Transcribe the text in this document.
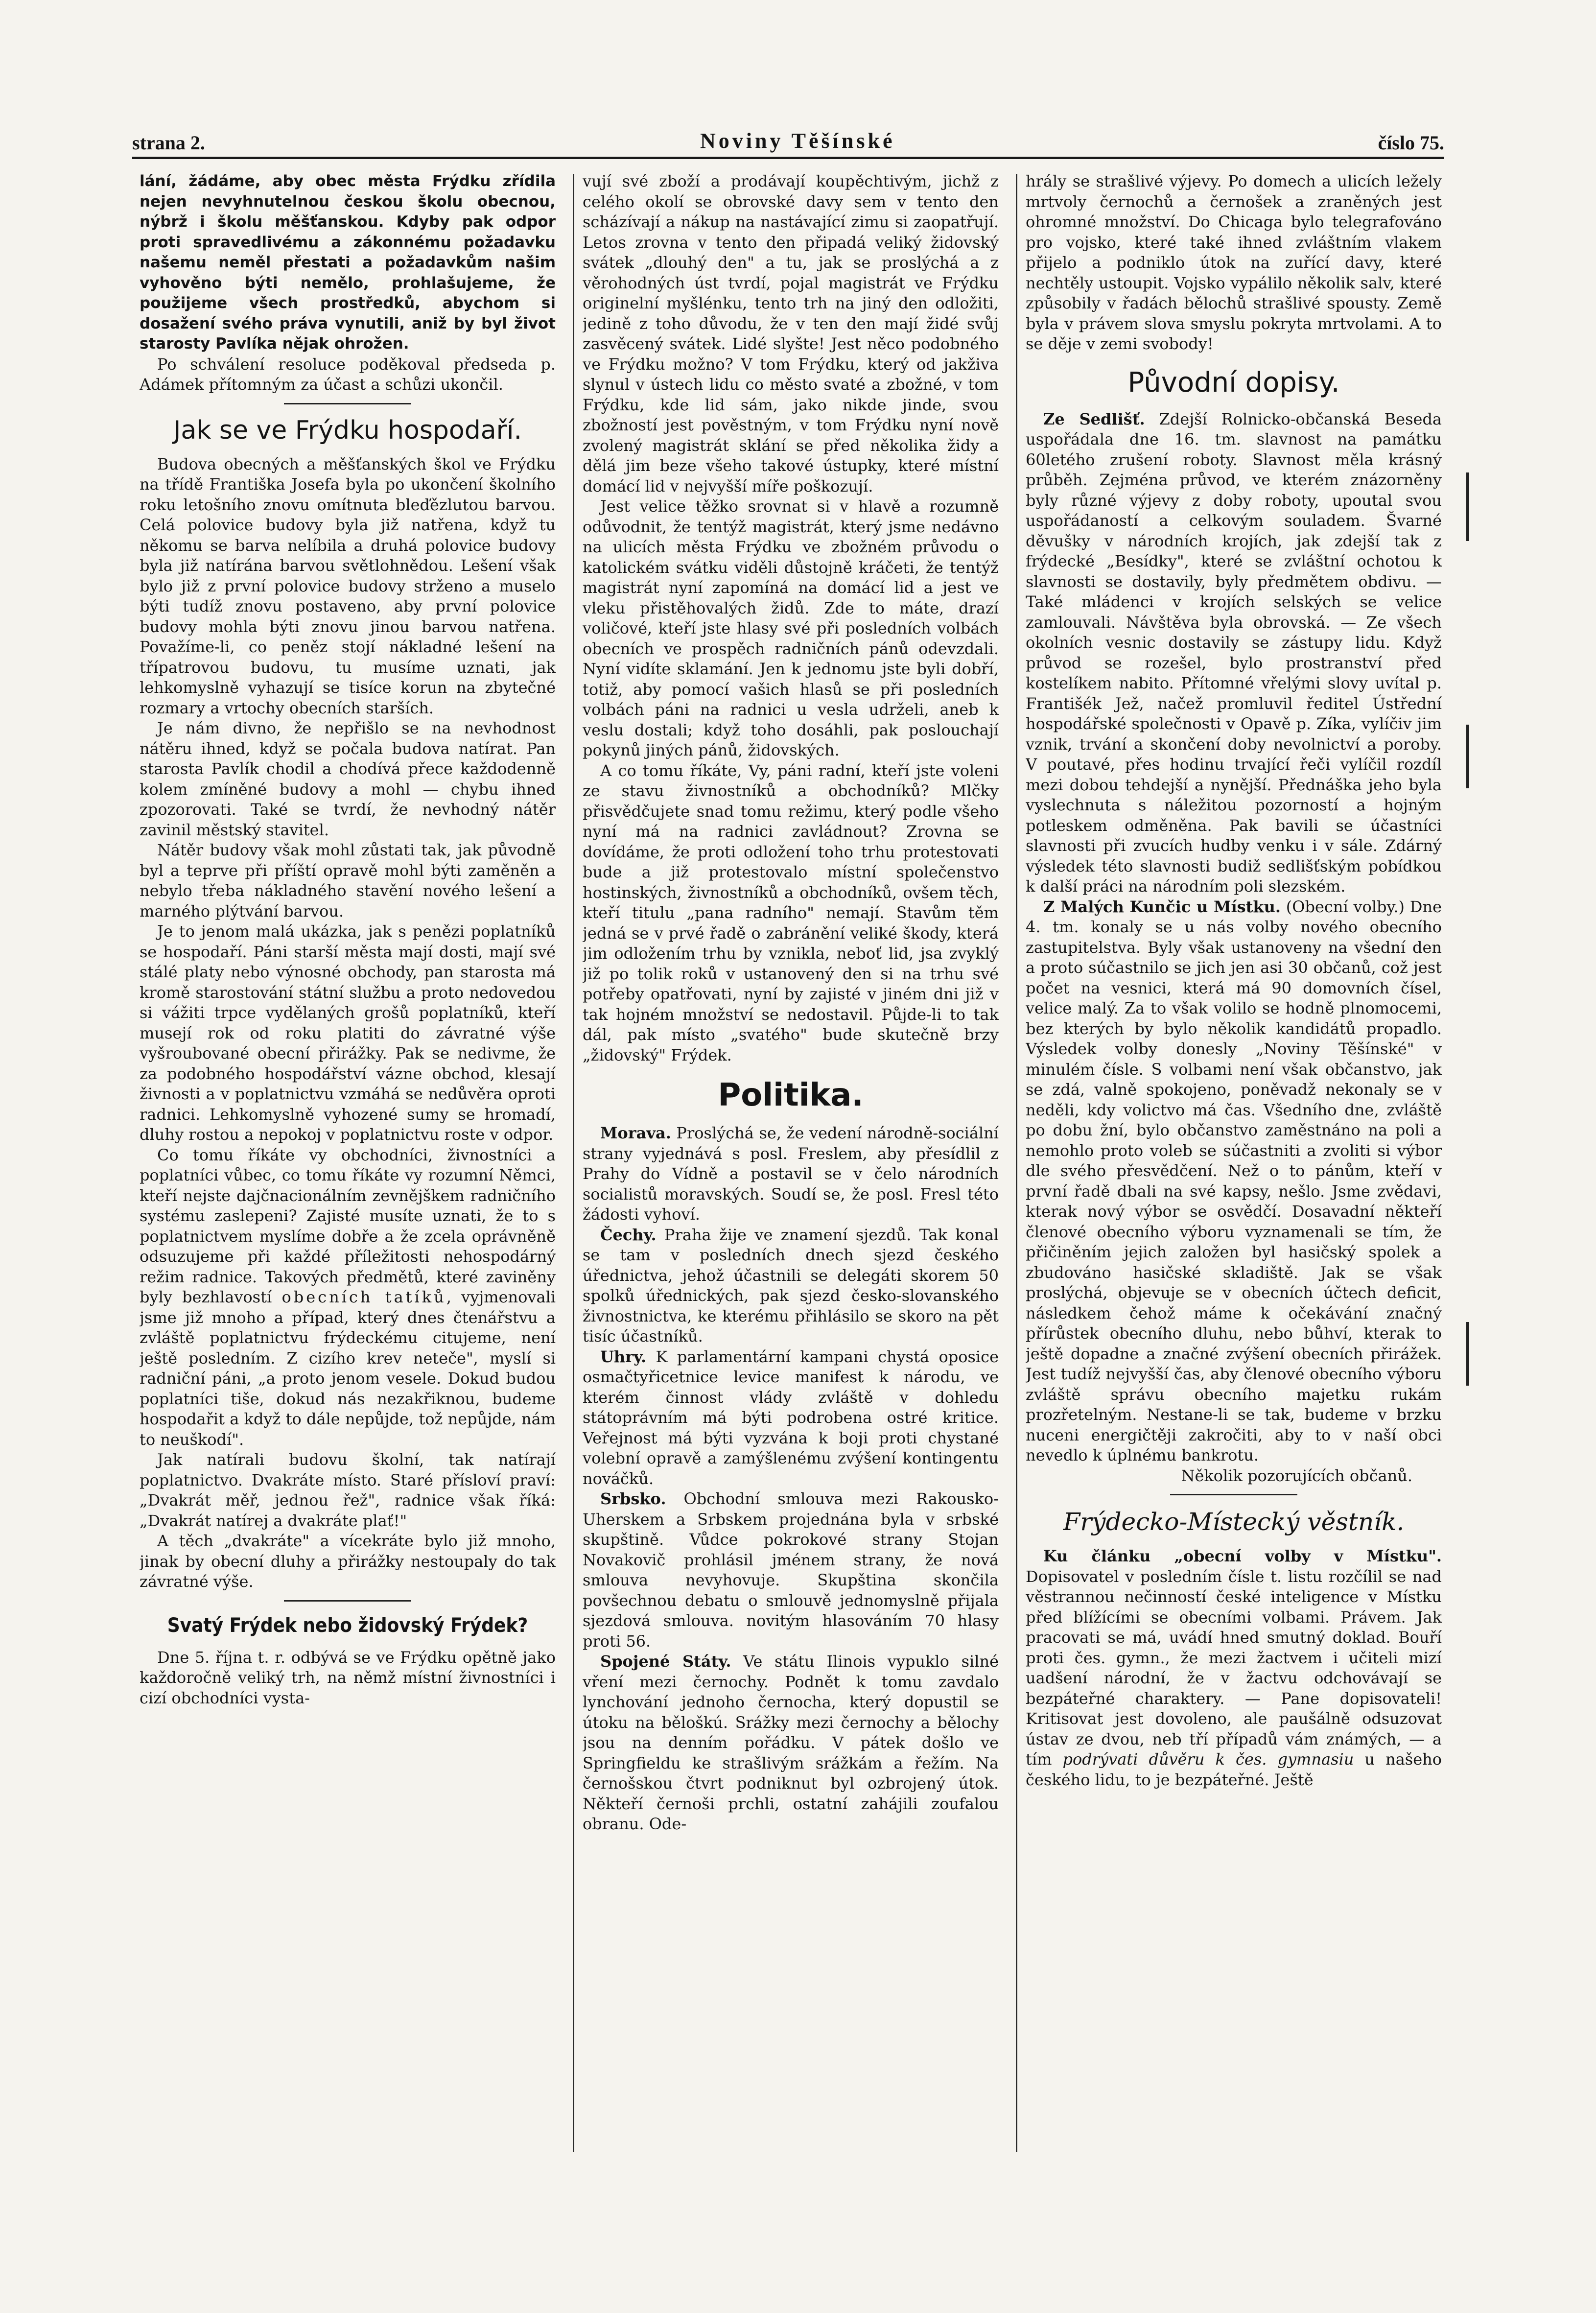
strana 2.	Noviny Těšínské	číslo 75.

lání, žádáme, aby obec města Frýdku zřídila nejen nevyhnutelnou českou školu obecnou, nýbrž i školu měšťanskou. Kdyby pak odpor proti spravedlivému a zákonnému požadavku našemu neměl přestati a požadavkům našim vyhověno býti nemělo, prohlašujeme, že použijeme všech prostředků, abychom si dosažení svého práva vynutili, aniž by byl život starosty Pavlíka nějak ohrožen.

Po schválení resoluce poděkoval předseda p. Adámek přítomným za účast a schůzi ukončil.

Jak se ve Frýdku hospodaří.

Budova obecných a měšťanských škol ve Frýdku na třídě Františka Josefa byla po ukončení školního roku letošního znovu omítnuta bleďězlutou barvou. Celá polovice budovy byla již natřena, když tu někomu se barva nelíbila a druhá polovice budovy byla již natírána barvou světlohnědou. Lešení však bylo již z první polovice budovy strženo a muselo býti tudíž znovu postaveno, aby první polovice budovy mohla býti znovu jinou barvou natřena. Považíme-li, co peněz stojí nákladné lešení na třípatrovou budovu, tu musíme uznati, jak lehkomyslně vyhazují se tisíce korun na zbytečné rozmary a vrtochy obecních starších.

Je nám divno, že nepřišlo se na nevhodnost nátěru ihned, když se počala budova natírat. Pan starosta Pavlík chodil a chodívá přece každodenně kolem zmíněné budovy a mohl — chybu ihned zpozorovati. Také se tvrdí, že nevhodný nátěr zavinil městský stavitel.

Nátěr budovy však mohl zůstati tak, jak původně byl a teprve při příští opravě mohl býti zaměněn a nebylo třeba nákladného stavění nového lešení a marného plýtvání barvou.

Je to jenom malá ukázka, jak s penězi poplatníků se hospodaří. Páni starší města mají dosti, mají své stálé platy nebo výnosné obchody, pan starosta má kromě starostování státní službu a proto nedovedou si vážiti trpce vydělaných grošů poplatníků, kteří musejí rok od roku platiti do závratné výše vyšroubované obecní přirážky. Pak se nedivme, že za podobného hospodářství vázne obchod, klesají živnosti a v poplatnictvu vzmáhá se nedůvěra oproti radnici. Lehkomyslně vyhozené sumy se hromadí, dluhy rostou a nepokoj v poplatnictvu roste v odpor.

Co tomu říkáte vy obchodníci, živnostníci a poplatníci vůbec, co tomu říkáte vy rozumní Němci, kteří nejste dajčnacionálním zevnějškem radničního systému zaslepeni? Zajisté musíte uznati, že to s poplatnictvem myslíme dobře a že zcela oprávněně odsuzujeme při každé příležitosti nehospodárný režim radnice. Takových předmětů, které zaviněny byly bezhlavostí obecních tatíků, vyjmenovali jsme již mnoho a případ, který dnes čtenářstvu a zvláště poplatnictvu frýdeckému citujeme, není ještě posledním. Z cizího krev neteče", myslí si radniční páni, „a proto jenom vesele. Dokud budou poplatníci tiše, dokud nás nezakřiknou, budeme hospodařit a když to dále nepůjde, tož nepůjde, nám to neuškodí".

Jak natírali budovu školní, tak natírají poplatnictvo. Dvakráte místo. Staré přísloví praví: „Dvakrát měř, jednou řež", radnice však říká: „Dvakrát natírej a dvakráte plať!"

A těch „dvakráte" a vícekráte bylo již mnoho, jinak by obecní dluhy a přirážky nestoupaly do tak závratné výše.

Svatý Frýdek nebo židovský Frýdek?

Dne 5. října t. r. odbývá se ve Frýdku opětně jako každoročně veliký trh, na němž místní živnostníci i cizí obchodníci vysta-

vují své zboží a prodávají koupěchtivým, jichž z celého okolí se obrovské davy sem v tento den scházívají a nákup na nastávající zimu si zaopatřují. Letos zrovna v tento den připadá veliký židovský svátek „dlouhý den" a tu, jak se proslýchá a z věrohodných úst tvrdí, pojal magistrát ve Frýdku originelní myšlénku, tento trh na jiný den odložiti, jedině z toho důvodu, že v ten den mají židé svůj zasvěcený svátek. Lidé slyšte! Jest něco podobného ve Frýdku možno? V tom Frýdku, který od jakživa slynul v ústech lidu co město svaté a zbožné, v tom Frýdku, kde lid sám, jako nikde jinde, svou zbožností jest pověstným, v tom Frýdku nyní nově zvolený magistrát sklání se před několika židy a dělá jim beze všeho takové ústupky, které místní domácí lid v nejvyšší míře poškozují.

Jest velice těžko srovnat si v hlavě a rozumně odůvodnit, že tentýž magistrát, který jsme nedávno na ulicích města Frýdku ve zbožném průvodu o katolickém svátku viděli důstojně kráčeti, že tentýž magistrát nyní zapomíná na domácí lid a jest ve vleku přistěhovalých židů. Zde to máte, drazí voličové, kteří jste hlasy své při posledních volbách obecních ve prospěch radničních pánů odevzdali. Nyní vidíte sklamání. Jen k jednomu jste byli dobří, totiž, aby pomocí vašich hlasů se při posledních volbách páni na radnici u vesla udrželi, aneb k veslu dostali; když toho dosáhli, pak poslouchají pokynů jiných pánů, židovských.

A co tomu říkáte, Vy, páni radní, kteří jste voleni ze stavu živnostníků a obchodníků? Mlčky přisvědčujete snad tomu režimu, který podle všeho nyní má na radnici zavládnout? Zrovna se dovídáme, že proti odložení toho trhu protestovati bude a již protestovalo místní společenstvo hostinských, živnostníků a obchodníků, ovšem těch, kteří titulu „pana radního" nemají. Stavům těm jedná se v prvé řadě o zabránění veliké škody, která jim odložením trhu by vznikla, neboť lid, jsa zvyklý již po tolik roků v ustanovený den si na trhu své potřeby opatřovati, nyní by zajisté v jiném dni již v tak hojném množství se nedostavil. Půjde-li to tak dál, pak místo „svatého" bude skutečně brzy „židovský" Frýdek.

Politika.

Morava. Proslýchá se, že vedení národně-sociální strany vyjednává s posl. Freslem, aby přesídlil z Prahy do Vídně a postavil se v čelo národních socialistů moravských. Soudí se, že posl. Fresl této žádosti vyhoví.

Čechy. Praha žije ve znamení sjezdů. Tak konal se tam v posledních dnech sjezd českého úřednictva, jehož účastnili se delegáti skorem 50 spolků úřednických, pak sjezd česko-slovanského živnostnictva, ke kterému přihlásilo se skoro na pět tisíc účastníků.

Uhry. K parlamentární kampani chystá oposice osmačtyřicetnice levice manifest k národu, ve kterém činnost vlády zvláště v dohledu státoprávním má býti podrobena ostré kritice. Veřejnost má býti vyzvána k boji proti chystané volební opravě a zamýšlenému zvýšení kontingentu nováčků.

Srbsko. Obchodní smlouva mezi Rakousko-Uherskem a Srbskem projednána byla v srbské skupštině. Vůdce pokrokové strany Stojan Novakovič prohlásil jménem strany, že nová smlouva nevyhovuje. Skupština skončila povšechnou debatu o smlouvě jednomyslně přijala sjezdová smlouva. novitým hlasováním 70 hlasy proti 56.

Spojené Státy. Ve státu Ilinois vypuklo silné vření mezi černochy. Podnět k tomu zavdalo lynchování jednoho černocha, který dopustil se útoku na běloškú. Srážky mezi černochy a bělochy jsou na denním pořádku. V pátek došlo ve Springfieldu ke strašlivým srážkám a řežím. Na černošskou čtvrt podniknut byl ozbrojený útok. Někteří černoši prchli, ostatní zahájili zoufalou obranu. Ode-

hrály se strašlivé výjevy. Po domech a ulicích ležely mrtvoly černochů a černošek a zraněných jest ohromné množství. Do Chicaga bylo telegrafováno pro vojsko, které také ihned zvláštním vlakem přijelo a podniklo útok na zuřící davy, které nechtěly ustoupit. Vojsko vypálilo několik salv, které způsobily v řadách bělochů strašlivé spousty. Země byla v právem slova smyslu pokryta mrtvolami. A to se děje v zemi svobody!

Původní dopisy.

Ze Sedlišť. Zdejší Rolnicko-občanská Beseda uspořádala dne 16. tm. slavnost na památku 60letého zrušení roboty. Slavnost měla krásný průběh. Zejména průvod, ve kterém znázorněny byly různé výjevy z doby roboty, upoutal svou uspořádaností a celkovým souladem. Švarné děvušky v národních krojích, jak zdejší tak z frýdecké „Besídky", které se zvláštní ochotou k slavnosti se dostavily, byly předmětem obdivu. — Také mládenci v krojích selských se velice zamlouvali. Návštěva byla obrovská. — Ze všech okolních vesnic dostavily se zástupy lidu. Když průvod se rozešel, bylo prostranství před kostelíkem nabito. Přítomné vřelými slovy uvítal p. Františék Jež, načež promluvil ředitel Ústřední hospodářské společnosti v Opavě p. Zíka, vylíčiv jim vznik, trvání a skončení doby nevolnictví a poroby. V poutavé, přes hodinu trvající řeči vylíčil rozdíl mezi dobou tehdejší a nynější. Přednáška jeho byla vyslechnuta s náležitou pozorností a hojným potleskem odměněna. Pak bavili se účastníci slavnosti při zvucích hudby venku i v sále. Zdárný výsledek této slavnosti budiž sedlišťským pobídkou k další práci na národním poli slezském.

Z Malých Kunčic u Místku. (Obecní volby.) Dne 4. tm. konaly se u nás volby nového obecního zastupitelstva. Byly však ustanoveny na všední den a proto súčastnilo se jich jen asi 30 občanů, což jest počet na vesnici, která má 90 domovních čísel, velice malý. Za to však volilo se hodně plnomocemi, bez kterých by bylo několik kandidátů propadlo. Výsledek volby donesly „Noviny Těšínské" v minulém čísle. S volbami není však občanstvo, jak se zdá, valně spokojeno, poněvadž nekonaly se v neděli, kdy volictvo má čas. Všedního dne, zvláště po dobu žní, bylo občanstvo zaměstnáno na poli a nemohlo proto voleb se súčastniti a zvoliti si výbor dle svého přesvědčení. Než o to pánům, kteří v první řadě dbali na své kapsy, nešlo. Jsme zvědavi, kterak nový výbor se osvědčí. Dosavadní někteří členové obecního výboru vyznamenali se tím, že přičiněním jejich založen byl hasičský spolek a zbudováno hasičské skladiště. Jak se však proslýchá, objevuje se v obecních účtech deficit, následkem čehož máme k očekávání značný přírůstek obecního dluhu, nebo bůhví, kterak to ještě dopadne a značné zvýšení obecních přirážek. Jest tudíž nejvyšší čas, aby členové obecního výboru zvláště správu obecního majetku rukám prozřetelným. Nestane-li se tak, budeme v brzku nuceni energičtěji zakročiti, aby to v naší obci nevedlo k úplnému bankrotu.

Několik pozorujících občanů.

Frýdecko-Místecký věstník.

Ku článku „obecní volby v Místku". Dopisovatel v posledním čísle t. listu rozčílil se nad věstrannou nečinností české inteligence v Místku před blížícími se obecními volbami. Právem. Jak pracovati se má, uvádí hned smutný doklad. Bouří proti čes. gymn., že mezi žactvem i učiteli mizí uadšení národní, že v žactvu odchovávají se bezpáteřné charaktery. — Pane dopisovateli! Kritisovat jest dovoleno, ale paušálně odsuzovat ústav ze dvou, neb tří případů vám známých, — a tím podrývati důvěru k čes. gymnasiu u našeho českého lidu, to je bezpáteřné. Ještě
